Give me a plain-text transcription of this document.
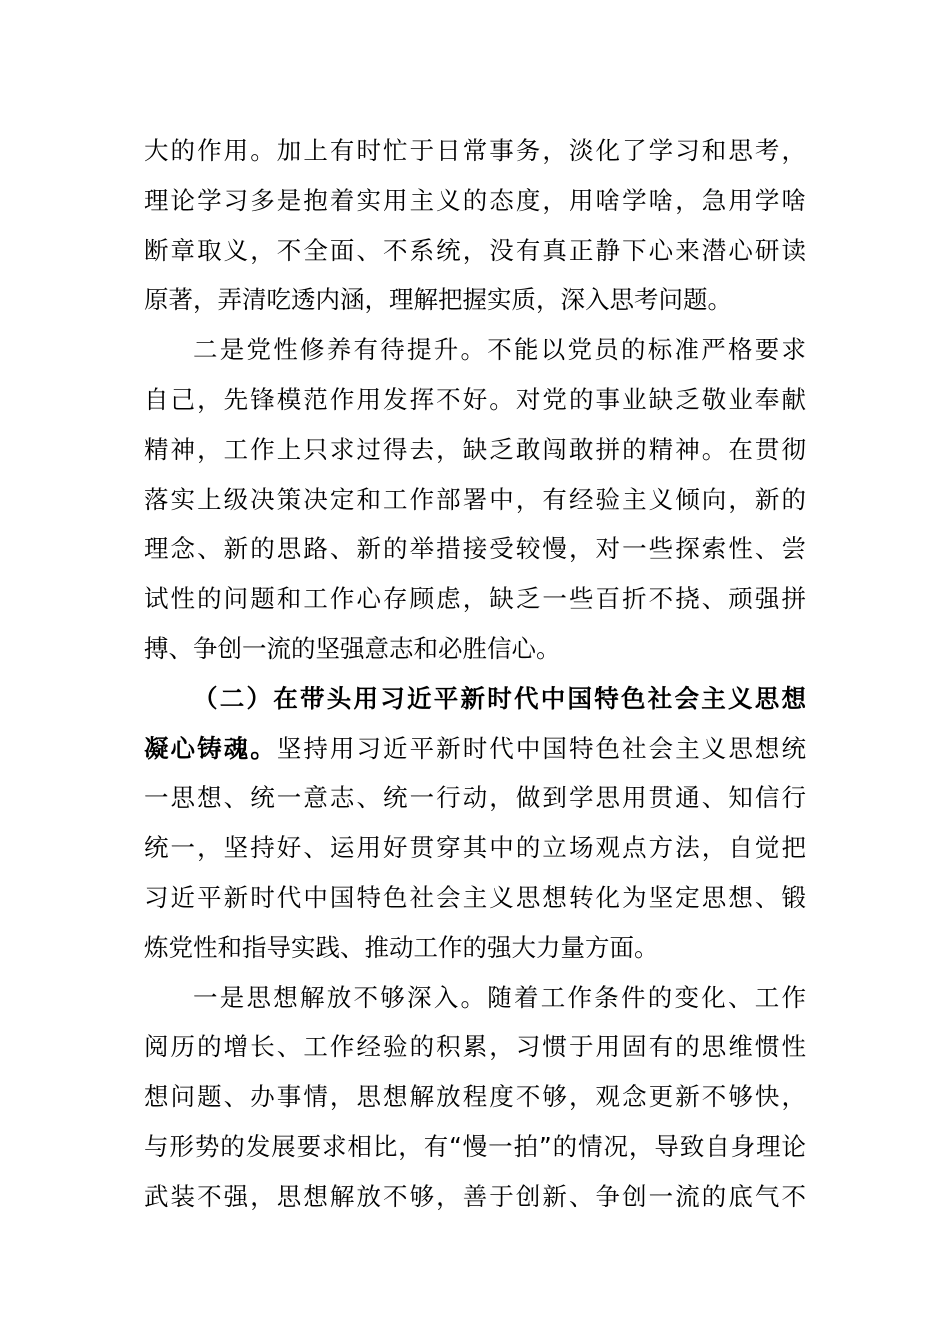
大的作用。加上有时忙于日常事务，淡化了学习和思考，
理论学习多是抱着实用主义的态度，用啥学啥，急用学啥
断章取义，不全面、不系统，没有真正静下心来潜心研读
原著，弄清吃透内涵，理解把握实质，深入思考问题。
二是党性修养有待提升。不能以党员的标准严格要求
自己，先锋模范作用发挥不好。对党的事业缺乏敬业奉献
精神，工作上只求过得去，缺乏敢闯敢拼的精神。在贯彻
落实上级决策决定和工作部署中，有经验主义倾向，新的
理念、新的思路、新的举措接受较慢，对一些探索性、尝
试性的问题和工作心存顾虑，缺乏一些百折不挠、顽强拼
搏、争创一流的坚强意志和必胜信心。
（二）在带头用习近平新时代中国特色社会主义思想
凝心铸魂。坚持用习近平新时代中国特色社会主义思想统
一思想、统一意志、统一行动，做到学思用贯通、知信行
统一，坚持好、运用好贯穿其中的立场观点方法，自觉把
习近平新时代中国特色社会主义思想转化为坚定思想、锻
炼党性和指导实践、推动工作的强大力量方面。
一是思想解放不够深入。随着工作条件的变化、工作
阅历的增长、工作经验的积累，习惯于用固有的思维惯性
想问题、办事情，思想解放程度不够，观念更新不够快，
与形势的发展要求相比，有“慢一拍”的情况，导致自身理论
武装不强，思想解放不够，善于创新、争创一流的底气不
